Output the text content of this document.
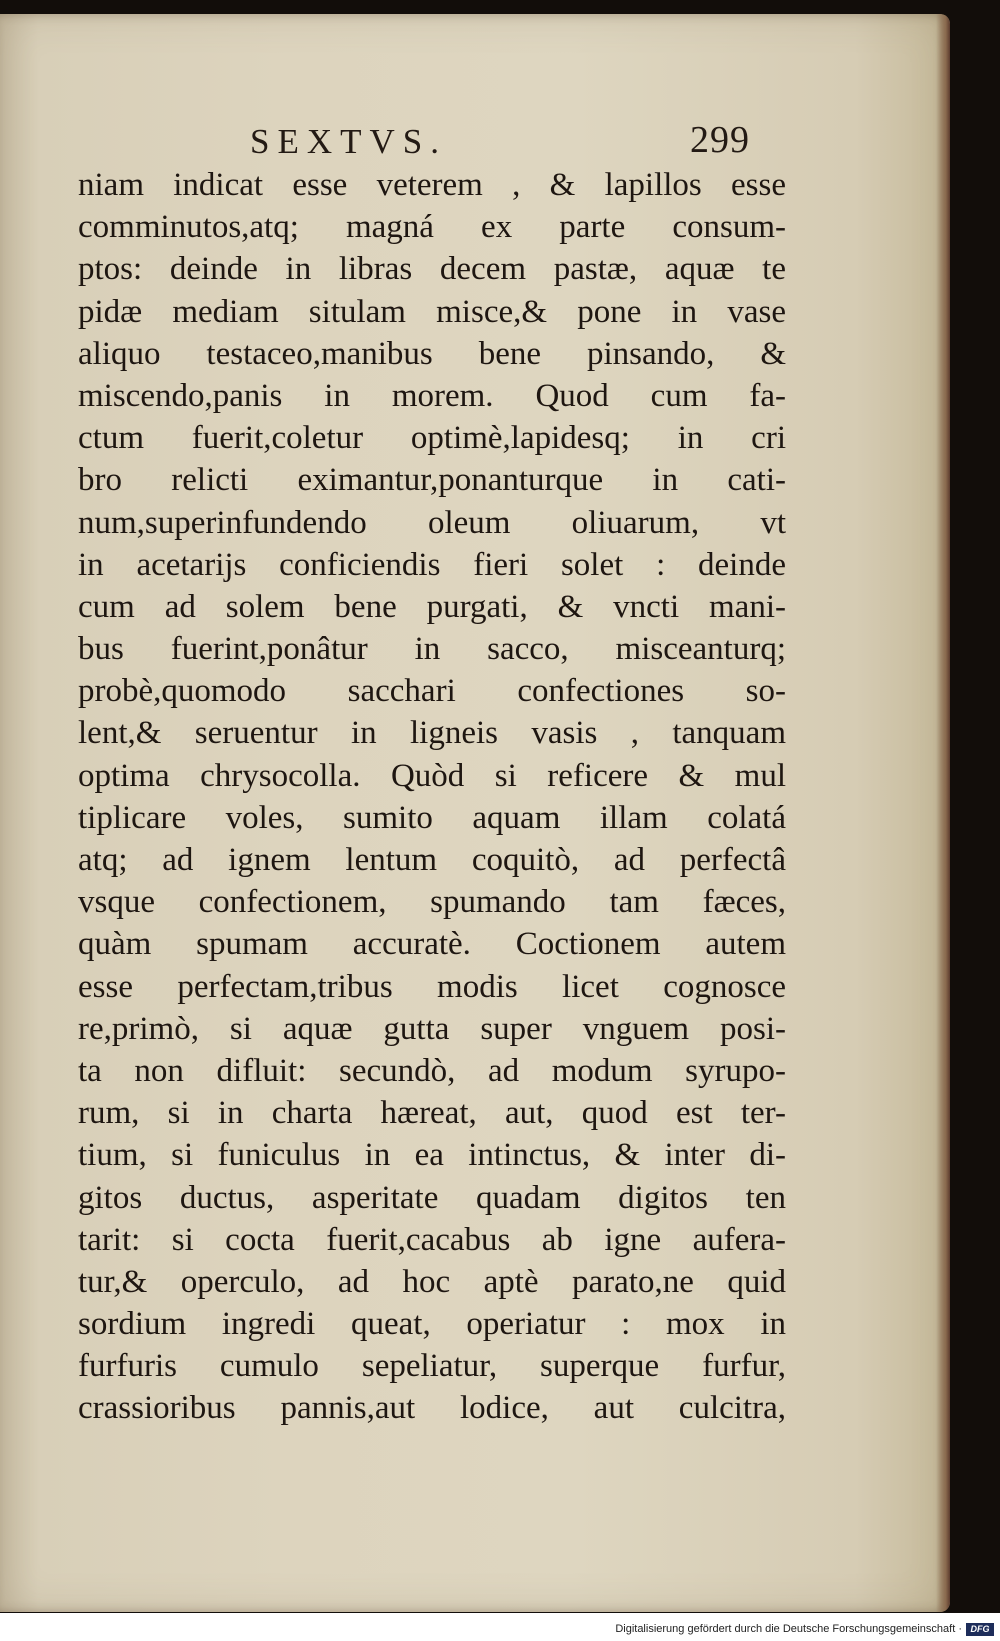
SEXTVS.	299
niam indicat esse veterem , & lapillos esse
comminutos,atq; magná ex parte consum-
ptos: deinde in libras decem pastæ, aquæ te
pidæ mediam situlam misce,& pone in vase
aliquo testaceo,manibus bene pinsando, &
miscendo,panis in morem. Quod cum fa-
ctum fuerit,coletur optimè,lapidesq; in cri
bro relicti eximantur,ponanturque in cati-
num,superinfundendo oleum oliuarum, vt
in acetarijs conficiendis fieri solet : deinde
cum ad solem bene purgati, & vncti mani-
bus fuerint,ponâtur in sacco, misceanturq;
probè,quomodo sacchari confectiones so-
lent,& seruentur in ligneis vasis , tanquam
optima chrysocolla. Quòd si reficere & mul
tiplicare voles, sumito aquam illam colatá
atq; ad ignem lentum coquitò, ad perfectâ
vsque confectionem, spumando tam fæces,
quàm spumam accuratè. Coctionem autem
esse perfectam,tribus modis licet cognosce
re,primò, si aquæ gutta super vnguem posi-
ta non difluit: secundò, ad modum syrupo-
rum, si in charta hæreat, aut, quod est ter-
tium, si funiculus in ea intinctus, & inter di-
gitos ductus, asperitate quadam digitos ten
tarit: si cocta fuerit,cacabus ab igne aufera-
tur,& operculo, ad hoc aptè parato,ne quid
sordium ingredi queat, operiatur : mox in
furfuris cumulo sepeliatur, superque furfur,
crassioribus pannis,aut lodice, aut culcitra,
Digitalisierung gefördert durch die Deutsche Forschungsgemeinschaft · DFG
